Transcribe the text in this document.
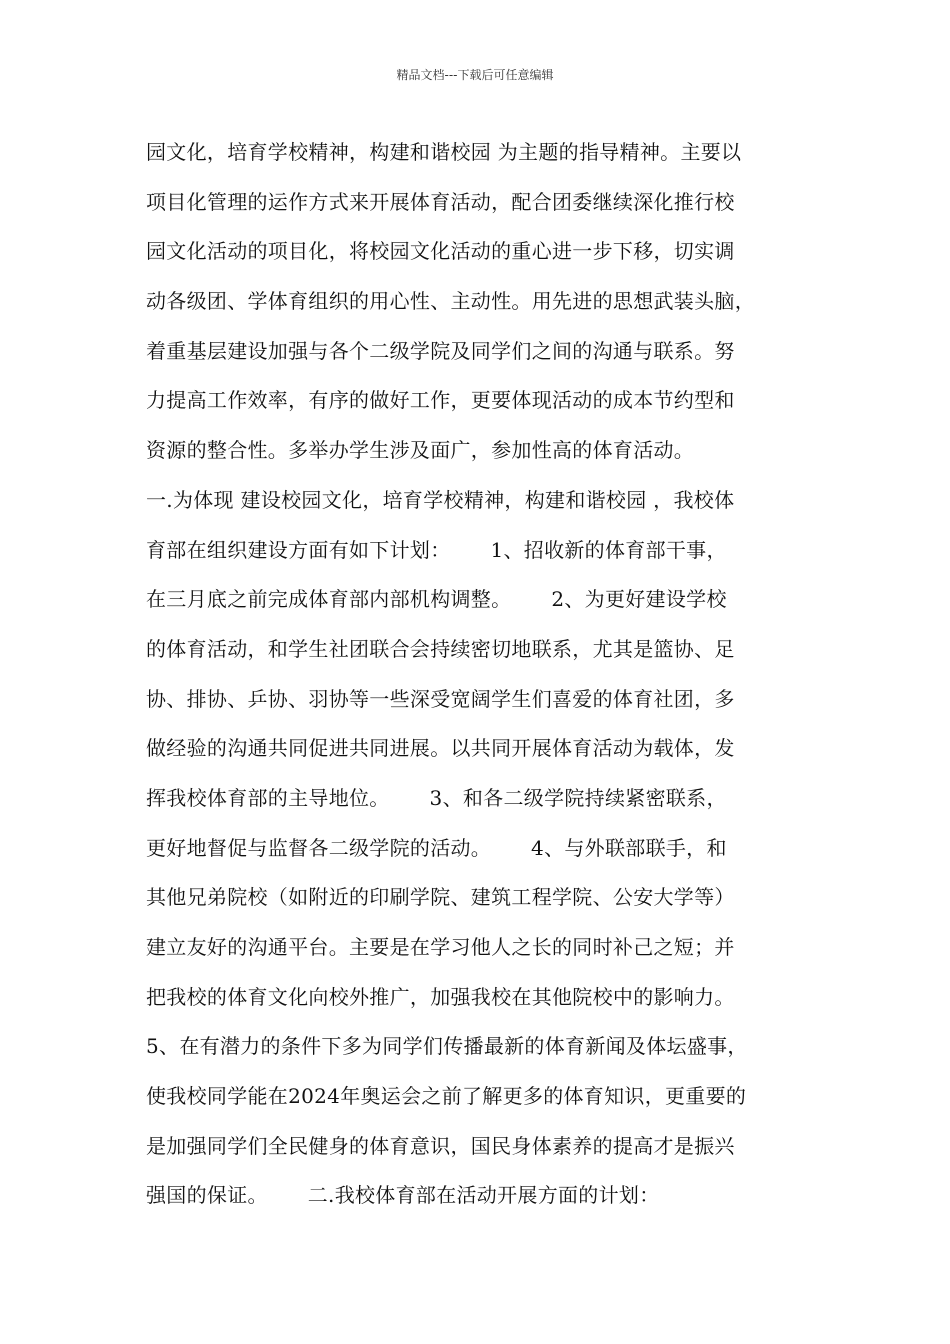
精品文档---下载后可任意编辑
园文化，培育学校精神，构建和谐校园 为主题的指导精神。主要以
项目化管理的运作方式来开展体育活动，配合团委继续深化推行校
园文化活动的项目化，将校园文化活动的重心进一步下移，切实调
动各级团、学体育组织的用心性、主动性。用先进的思想武装头脑，
着重基层建设加强与各个二级学院及同学们之间的沟通与联系。努
力提高工作效率，有序的做好工作，更要体现活动的成本节约型和
资源的整合性。多举办学生涉及面广，参加性高的体育活动。
一.为体现 建设校园文化，培育学校精神，构建和谐校园 ，我校体
育部在组织建设方面有如下计划：      1、招收新的体育部干事，
在三月底之前完成体育部内部机构调整。      2、为更好建设学校
的体育活动，和学生社团联合会持续密切地联系，尤其是篮协、足
协、排协、乒协、羽协等一些深受宽阔学生们喜爱的体育社团，多
做经验的沟通共同促进共同进展。以共同开展体育活动为载体，发
挥我校体育部的主导地位。      3、和各二级学院持续紧密联系，
更好地督促与监督各二级学院的活动。      4、与外联部联手，和
其他兄弟院校（如附近的印刷学院、建筑工程学院、公安大学等）
建立友好的沟通平台。主要是在学习他人之长的同时补己之短；并
把我校的体育文化向校外推广，加强我校在其他院校中的影响力。
5、在有潜力的条件下多为同学们传播最新的体育新闻及体坛盛事，
使我校同学能在2024年奥运会之前了解更多的体育知识，更重要的
是加强同学们全民健身的体育意识，国民身体素养的提高才是振兴
强国的保证。      二.我校体育部在活动开展方面的计划：
